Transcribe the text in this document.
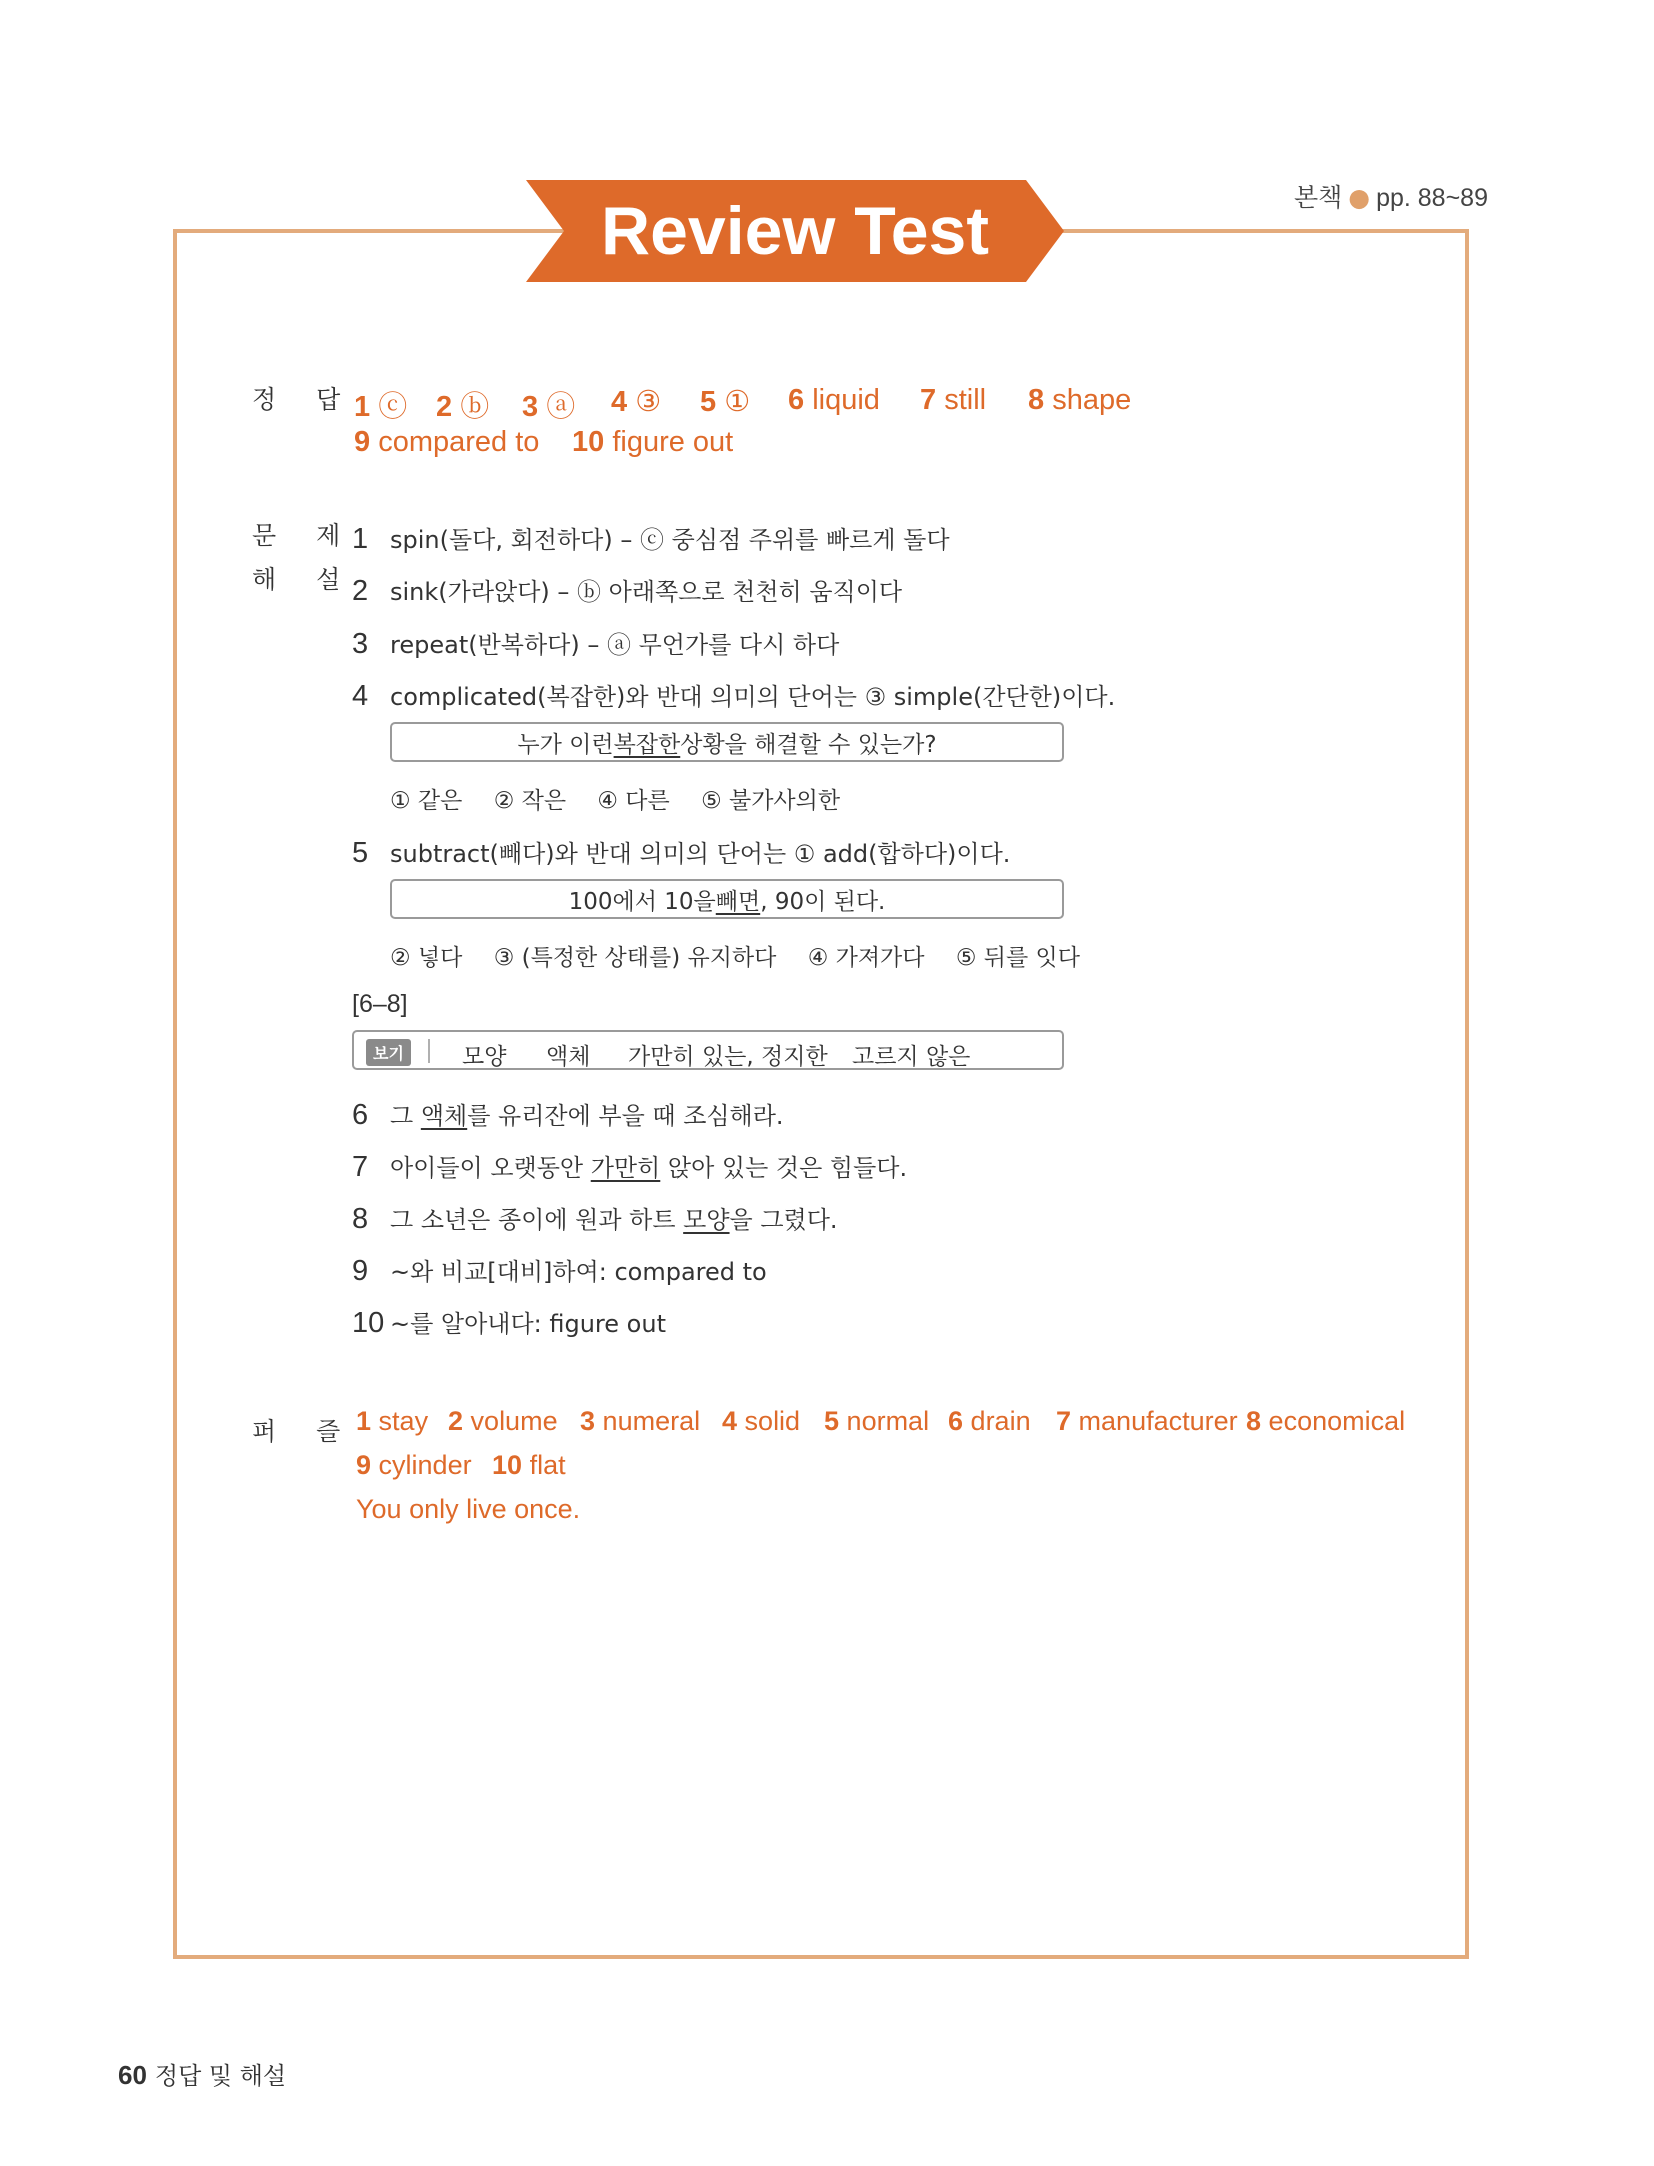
본책 ● pp. 88~89
Review Test
정 답
1 ⓒ 2 ⓑ 3 ⓐ 4 ③ 5 ① 6 liquid 7 still 8 shape
9 compared to 10 figure out
문 제
해 설
1 spin(돌다, 회전하다) – ⓒ 중심점 주위를 빠르게 돌다
2 sink(가라앉다) – ⓑ 아래쪽으로 천천히 움직이다
3 repeat(반복하다) – ⓐ 무언가를 다시 하다
4 complicated(복잡한)와 반대 의미의 단어는 ③ simple(간단한)이다.
누가 이런 복잡한 상황을 해결할 수 있는가?
① 같은 ② 작은 ④ 다른 ⑤ 불가사의한
5 subtract(빼다)와 반대 의미의 단어는 ① add(합하다)이다.
100에서 10을 빼면 , 90이 된다.
② 넣다 ③ (특정한 상태를) 유지하다 ④ 가져가다 ⑤ 뒤를 잇다
[6–8]
보기	모양 액체 가만히 있는, 정지한 고르지 않은
6 그 액체를 유리잔에 부을 때 조심해라.
7 아이들이 오랫동안 가만히 앉아 있는 것은 힘들다.
8 그 소년은 종이에 원과 하트 모양을 그렸다.
9 ~와 비교[대비]하여: compared to
10 ~를 알아내다: figure out
퍼 즐 1 stay 2 volume 3 numeral 4 solid 5 normal 6 drain 7 manufacturer 8 economical
9 cylinder 10 flat
You only live once.
60 정답 및 해설
